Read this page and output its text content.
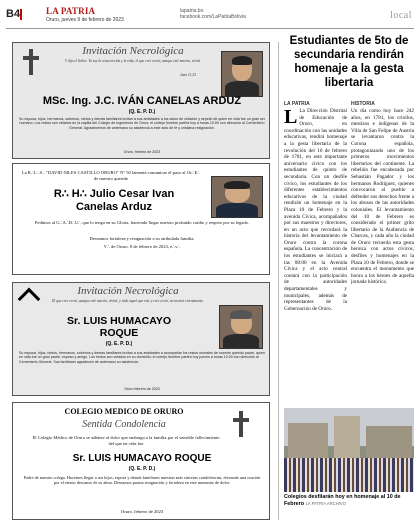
B4	LA PATRIA
Oruro, jueves 9 de febrero de 2023
lapatria.bo
facebook.com/LaPatriaBolivia	local
Invitación Necrológica
Y dijo el Señor: Yo soy la resurrección y la vida; el que cree en mí, aunque esté muerto, vivirá.
Juan 11:25
MSc. Ing. J.C. IVÁN CANELAS ARDUZ
(Q. E. P. D.)
Su esposa, hijos, hermanos, sobrinos, nietos y demás familiares invitan a sus amistades a los actos de velación y sepelio de quien en vida fue un gran ser humano. Los restos son velados en la capilla del Colegio de Ingenieros de Oruro; el cortejo fúnebre partirá hoy a horas 10:00 con dirección al Cementerio General. Agradecemos de antemano su asistencia a este acto de fe y cristiana resignación.
Oruro, febrero de 2023
La R∴L∴S∴ "DAVID NILES CASTILLO ORURO" N° 50 lamenta comunicar el paso al Or∴E∴ de nuestro querido
R∴ H∴ Julio Cesar Ivan
Canelas Arduz
Pedimos al G∴A∴D∴U∴ que lo tenga en su Gloria, haciendo llegar nuestro profundo cariño y respeto por su legado.
Deseamos fortaleza y resignación a su atribulada familia.
V∴ de Oruro, 8 de febrero de 2023, e∴v∴
Invitación Necrológica
El que cree en mí, aunque esté muerto, vivirá; y todo aquel que vive y cree en mí, no morirá eternamente.
Sr. LUIS HUMACAYO
ROQUE
(Q. E. P. D.)
Su esposa, hijos, nietos, hermanos, sobrinos y demás familiares invitan a sus amistades a acompañar los restos mortales de nuestro querido padre, quien en vida fue un gran padre, esposo y amigo. Los restos son velados en su domicilio; el cortejo fúnebre partirá hoy jueves a horas 10:00 con dirección al Cementerio General. Sus familiares agradecen de antemano su asistencia.
Oruro febrero de 2023
COLEGIO MEDICO DE ORURO
Sentida Condolencia
El Colegio Médico de Oruro se adhiere al dolor que embarga a la familia por el sensible fallecimiento del que en vida fue
Sr. LUIS HUMACAYO ROQUE
(Q. E. P. D.)
Padre de nuestro colega. Hacemos llegar a sus hijos, esposa y demás familiares nuestras más sinceras condolencias, elevando una oración por el eterno descanso de su alma. Deseamos pronta resignación y fortaleza en este momento de dolor.
Oruro, febrero de 2023
Estudiantes de 5to de secundaria rendirán homenaje a la gesta libertaria
LA PATRIA	HISTORIA
L La Dirección Distrital de Educación de Oruro, en coordinación con las unidades educativas, rendirá homenaje a la gesta libertaria de la revolución del 10 de febrero de 1781, en este importante aniversario cívico con los estudiantes de quinto de secundaria. Con un desfile cívico, los estudiantes de los diferentes establecimientos educativos de la ciudad rendirán un homenaje en la Plaza 10 de Febrero y la avenida Cívica, acompañados por sus maestros y directores, en un acto que recordará la historia del levantamiento de Oruro contra la corona española. La concentración de los estudiantes se iniciará a las 08:00 en la Avenida Cívica y el acto central contará con la participación de autoridades departamentales y municipales, además de representantes de la Gobernación de Oruro.
Un día como hoy hace 242 años, en 1781, los criollos, mestizos e indígenas de la Villa de San Felipe de Austria se levantaron contra la Corona española, protagonizando uno de los primeros movimientos libertarios del continente. La rebelión fue encabezada por Sebastián Pagador y los hermanos Rodríguez, quienes convocaron al pueblo a defender sus derechos frente a los abusos de las autoridades coloniales. El levantamiento del 10 de Febrero es considerado el primer grito libertario de la Audiencia de Charcas, y cada año la ciudad de Oruro recuerda esta gesta heroica con actos cívicos, desfiles y homenajes en la Plaza 10 de Febrero, donde se encuentra el monumento que honra a los héroes de aquella jornada histórica.
Colegios desfilarán hoy en homenaje al 10 de Febrero LA PATRIA ARCHIVO
